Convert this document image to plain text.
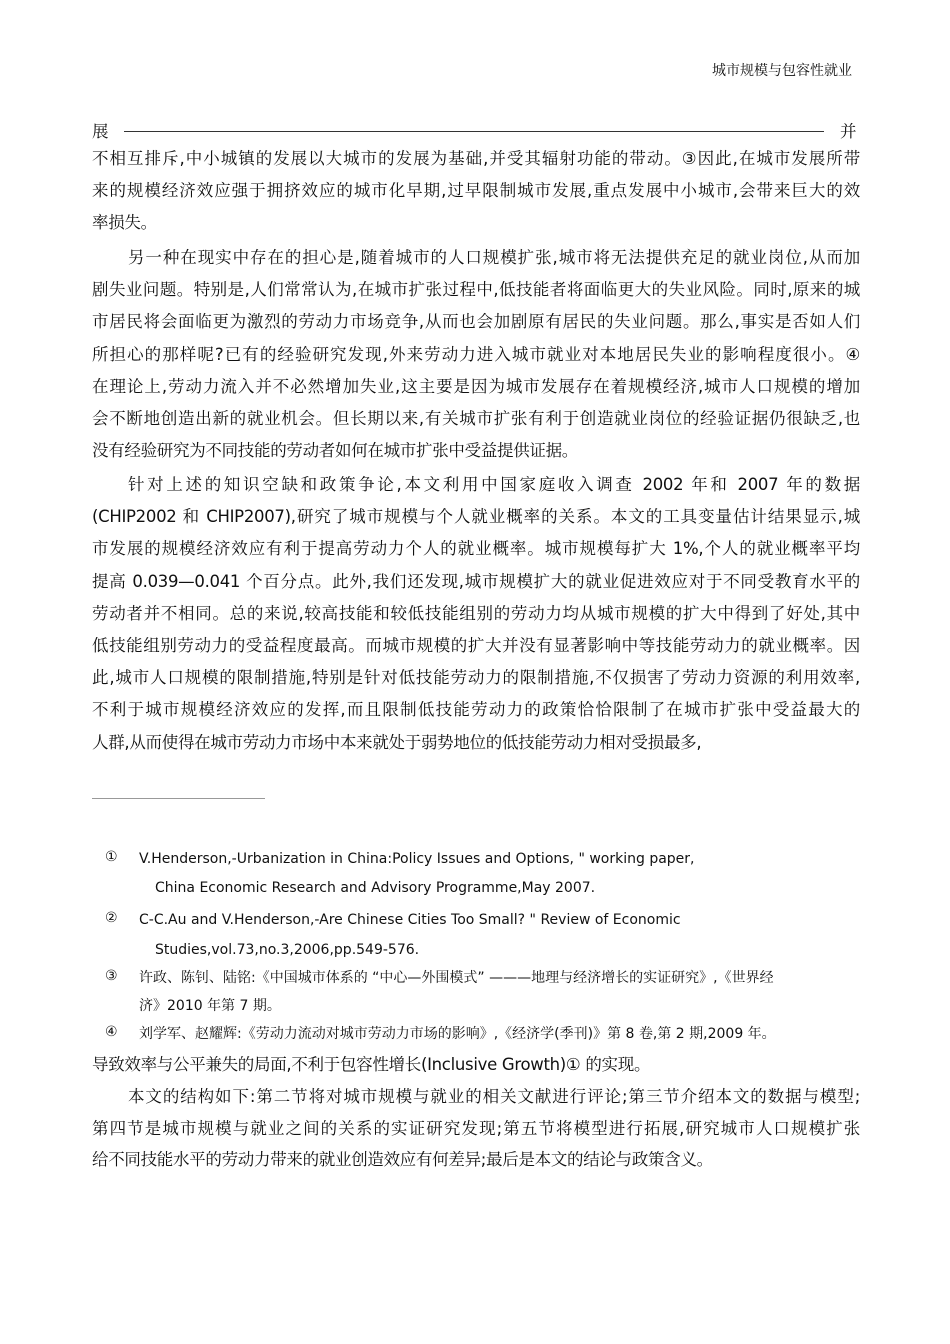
城市规模与包容性就业
展	并
不相互排斥,中小城镇的发展以大城市的发展为基础,并受其辐射功能的带动。③因此,在城市发展所带
来的规模经济效应强于拥挤效应的城市化早期,过早限制城市发展,重点发展中小城市,会带来巨大的效
率损失。
另一种在现实中存在的担心是,随着城市的人口规模扩张,城市将无法提供充足的就业岗位,从而加
剧失业问题。特别是,人们常常认为,在城市扩张过程中,低技能者将面临更大的失业风险。同时,原来的城
市居民将会面临更为激烈的劳动力市场竞争,从而也会加剧原有居民的失业问题。那么,事实是否如人们
所担心的那样呢?已有的经验研究发现,外来劳动力进入城市就业对本地居民失业的影响程度很小。④
在理论上,劳动力流入并不必然增加失业,这主要是因为城市发展存在着规模经济,城市人口规模的增加
会不断地创造出新的就业机会。但长期以来,有关城市扩张有利于创造就业岗位的经验证据仍很缺乏,也
没有经验研究为不同技能的劳动者如何在城市扩张中受益提供证据。
针对上述的知识空缺和政策争论,本文利用中国家庭收入调查 2002 年和 2007 年的数据
(CHIP2002 和 CHIP2007),研究了城市规模与个人就业概率的关系。本文的工具变量估计结果显示,城
市发展的规模经济效应有利于提高劳动力个人的就业概率。城市规模每扩大 1%,个人的就业概率平均
提高 0.039—0.041 个百分点。此外,我们还发现,城市规模扩大的就业促进效应对于不同受教育水平的
劳动者并不相同。总的来说,较高技能和较低技能组别的劳动力均从城市规模的扩大中得到了好处,其中
低技能组别劳动力的受益程度最高。而城市规模的扩大并没有显著影响中等技能劳动力的就业概率。因
此,城市人口规模的限制措施,特别是针对低技能劳动力的限制措施,不仅损害了劳动力资源的利用效率,
不利于城市规模经济效应的发挥,而且限制低技能劳动力的政策恰恰限制了在城市扩张中受益最大的
人群,从而使得在城市劳动力市场中本来就处于弱势地位的低技能劳动力相对受损最多,
① V.Henderson,-Urbanization in China:Policy Issues and Options, " working paper,
China Economic Research and Advisory Programme,May 2007.
② C-C.Au and V.Henderson,-Are Chinese Cities Too Small? " Review of Economic
Studies,vol.73,no.3,2006,pp.549-576.
③ 许政、陈钊、陆铭:《中国城市体系的 “中心—外围模式” ———地理与经济增长的实证研究》,《世界经
济》2010 年第 7 期。
④ 刘学军、赵耀辉:《劳动力流动对城市劳动力市场的影响》,《经济学(季刊)》第 8 卷,第 2 期,2009 年。
导致效率与公平兼失的局面,不利于包容性增长(Inclusive Growth)① 的实现。
本文的结构如下:第二节将对城市规模与就业的相关文献进行评论;第三节介绍本文的数据与模型;
第四节是城市规模与就业之间的关系的实证研究发现;第五节将模型进行拓展,研究城市人口规模扩张
给不同技能水平的劳动力带来的就业创造效应有何差异;最后是本文的结论与政策含义。
